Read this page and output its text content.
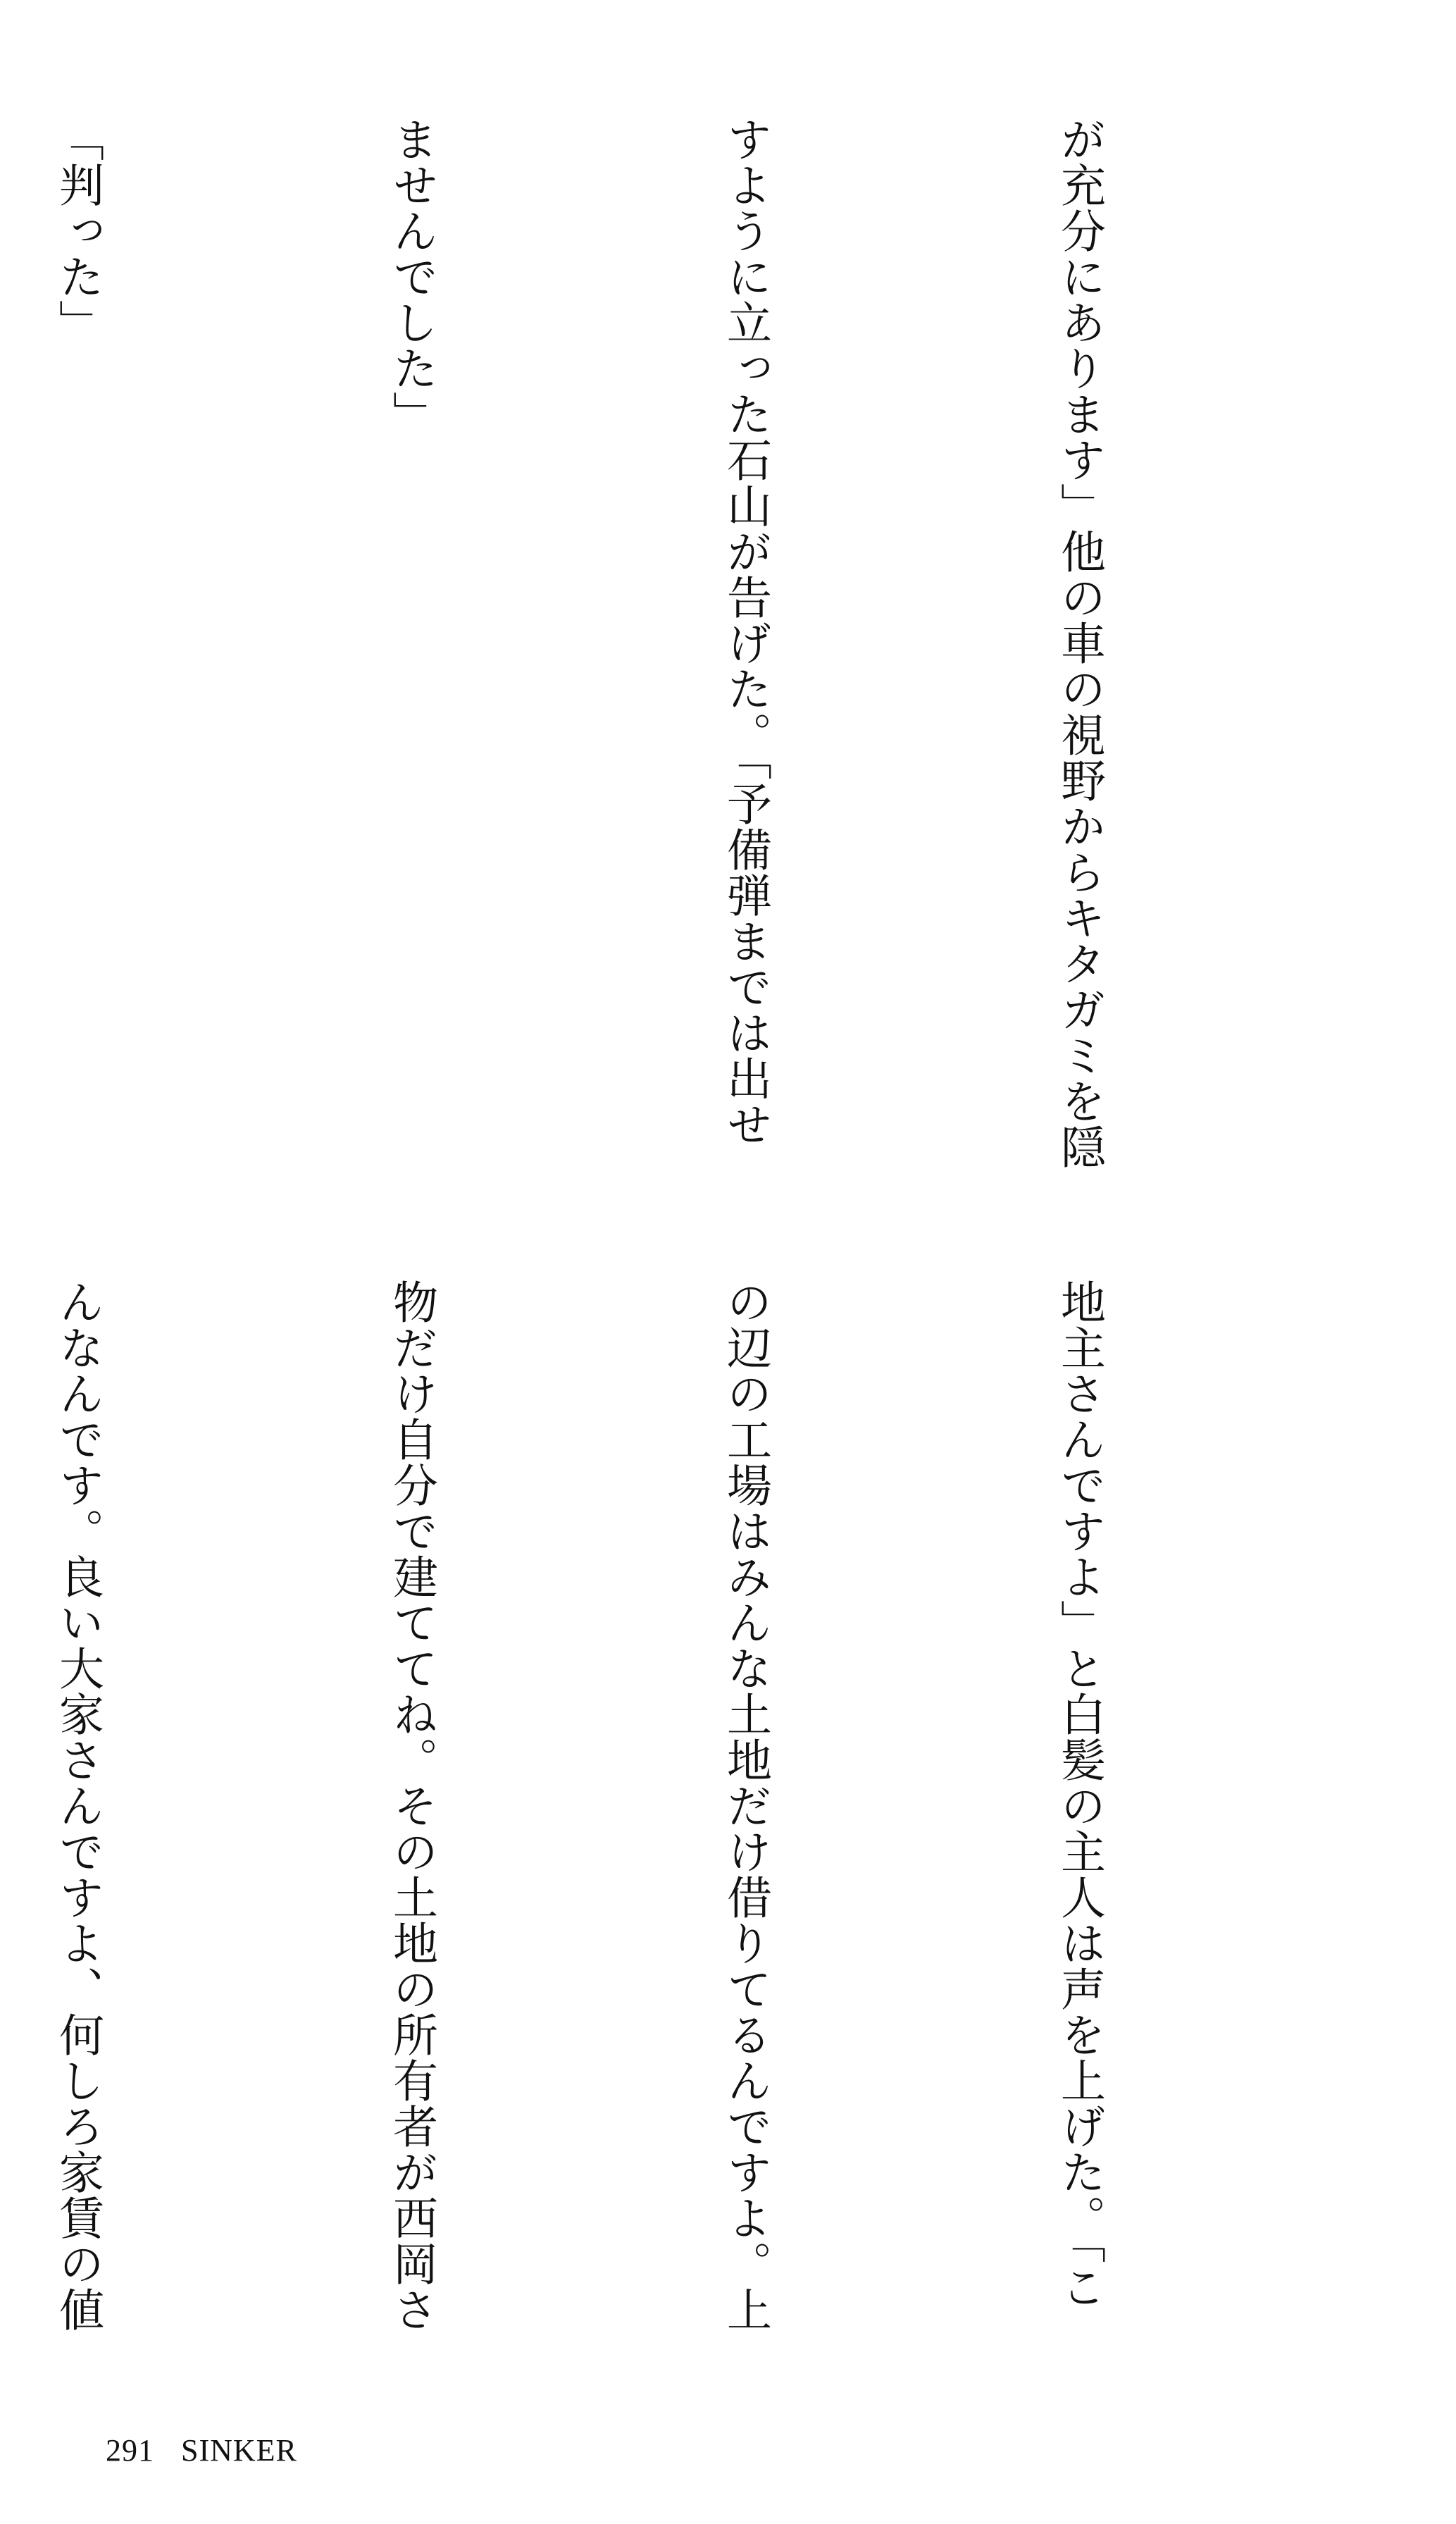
が充分にあります」他の車の視野からキタガミを隠

すように立った石山が告げた。「予備弾までは出せ

ませんでした」

「判った」

地主さんですよ」と白髪の主人は声を上げた。「こ

の辺の工場はみんな土地だけ借りてるんですよ。上

物だけ自分で建ててね。その土地の所有者が西岡さ

んなんです。良い大家さんですよ、何しろ家賃の値

291 SINKER
